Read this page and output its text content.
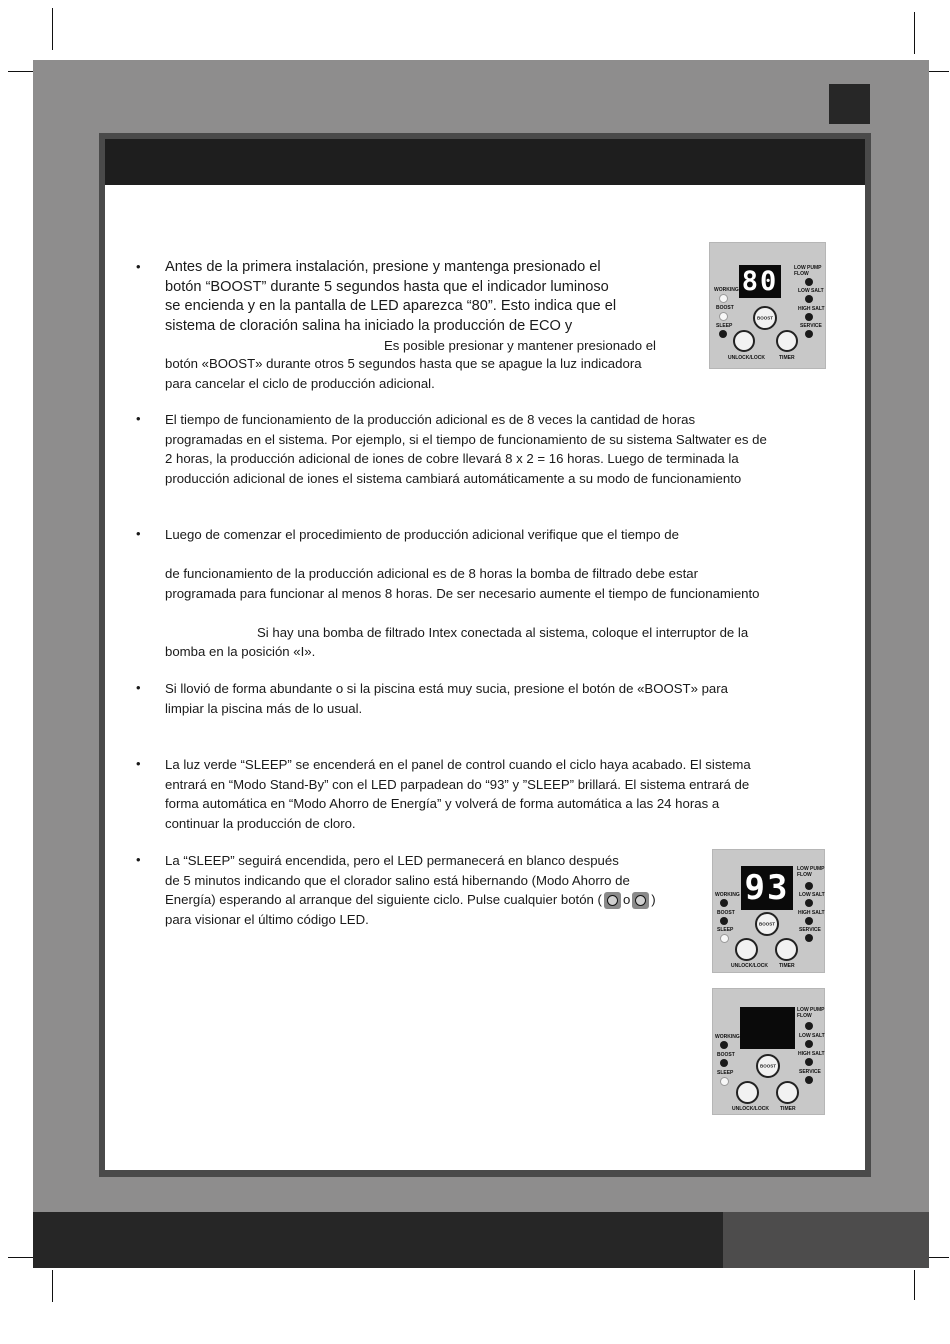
• Antes de la primera instalación, presione y mantenga presionado el
botón “BOOST” durante 5 segundos hasta que el indicador luminoso
se encienda y en la pantalla de LED aparezca “80”. Esto indica que el
sistema de cloración salina ha iniciado la producción de ECO y
Es posible presionar y mantener presionado el
botón «BOOST» durante otros 5 segundos hasta que se apague la luz indicadora
para cancelar el ciclo de producción adicional.
• El tiempo de funcionamiento de la producción adicional es de 8 veces la cantidad de horas
programadas en el sistema. Por ejemplo, si el tiempo de funcionamiento de su sistema Saltwater es de
2 horas, la producción adicional de iones de cobre llevará 8 x 2 = 16 horas. Luego de terminada la
producción adicional de iones el sistema cambiará automáticamente a su modo de funcionamiento
• Luego de comenzar el procedimiento de producción adicional verifique que el tiempo de
de funcionamiento de la producción adicional es de 8 horas la bomba de filtrado debe estar
programada para funcionar al menos 8 horas. De ser necesario aumente el tiempo de funcionamiento
Si hay una bomba de filtrado Intex conectada al sistema, coloque el interruptor de la
bomba en la posición «I».
• Si llovió de forma abundante o si la piscina está muy sucia, presione el botón de «BOOST» para
limpiar la piscina más de lo usual.
• La luz verde “SLEEP” se encenderá en el panel de control cuando el ciclo haya acabado. El sistema
entrará en “Modo Stand-By” con el LED parpadean do “93” y ”SLEEP” brillará. El sistema entrará de
forma automática en “Modo Ahorro de Energía” y volverá de forma automática a las 24 horas a
continuar la producción de cloro.
• La “SLEEP” seguirá encendida, pero el LED permanecerá en blanco después
de 5 minutos indicando que el clorador salino está hibernando (Modo Ahorro de
Energía) esperando al arranque del siguiente ciclo. Pulse cualquier botón ( o )
para visionar el último código LED.
80	LOW PUMP FLOW
LOW SALT
HIGH SALT
SERVICE
WORKING
BOOST
SLEEP
BOOST
UNLOCK/LOCK	TIMER
93	LOW PUMP FLOW
LOW SALT
HIGH SALT
SERVICE
WORKING
BOOST
SLEEP
BOOST
UNLOCK/LOCK TIMER
LOW PUMP FLOW
LOW SALT
HIGH SALT
SERVICE
WORKING
BOOST
SLEEP
BOOST
UNLOCK/LOCK TIMER
